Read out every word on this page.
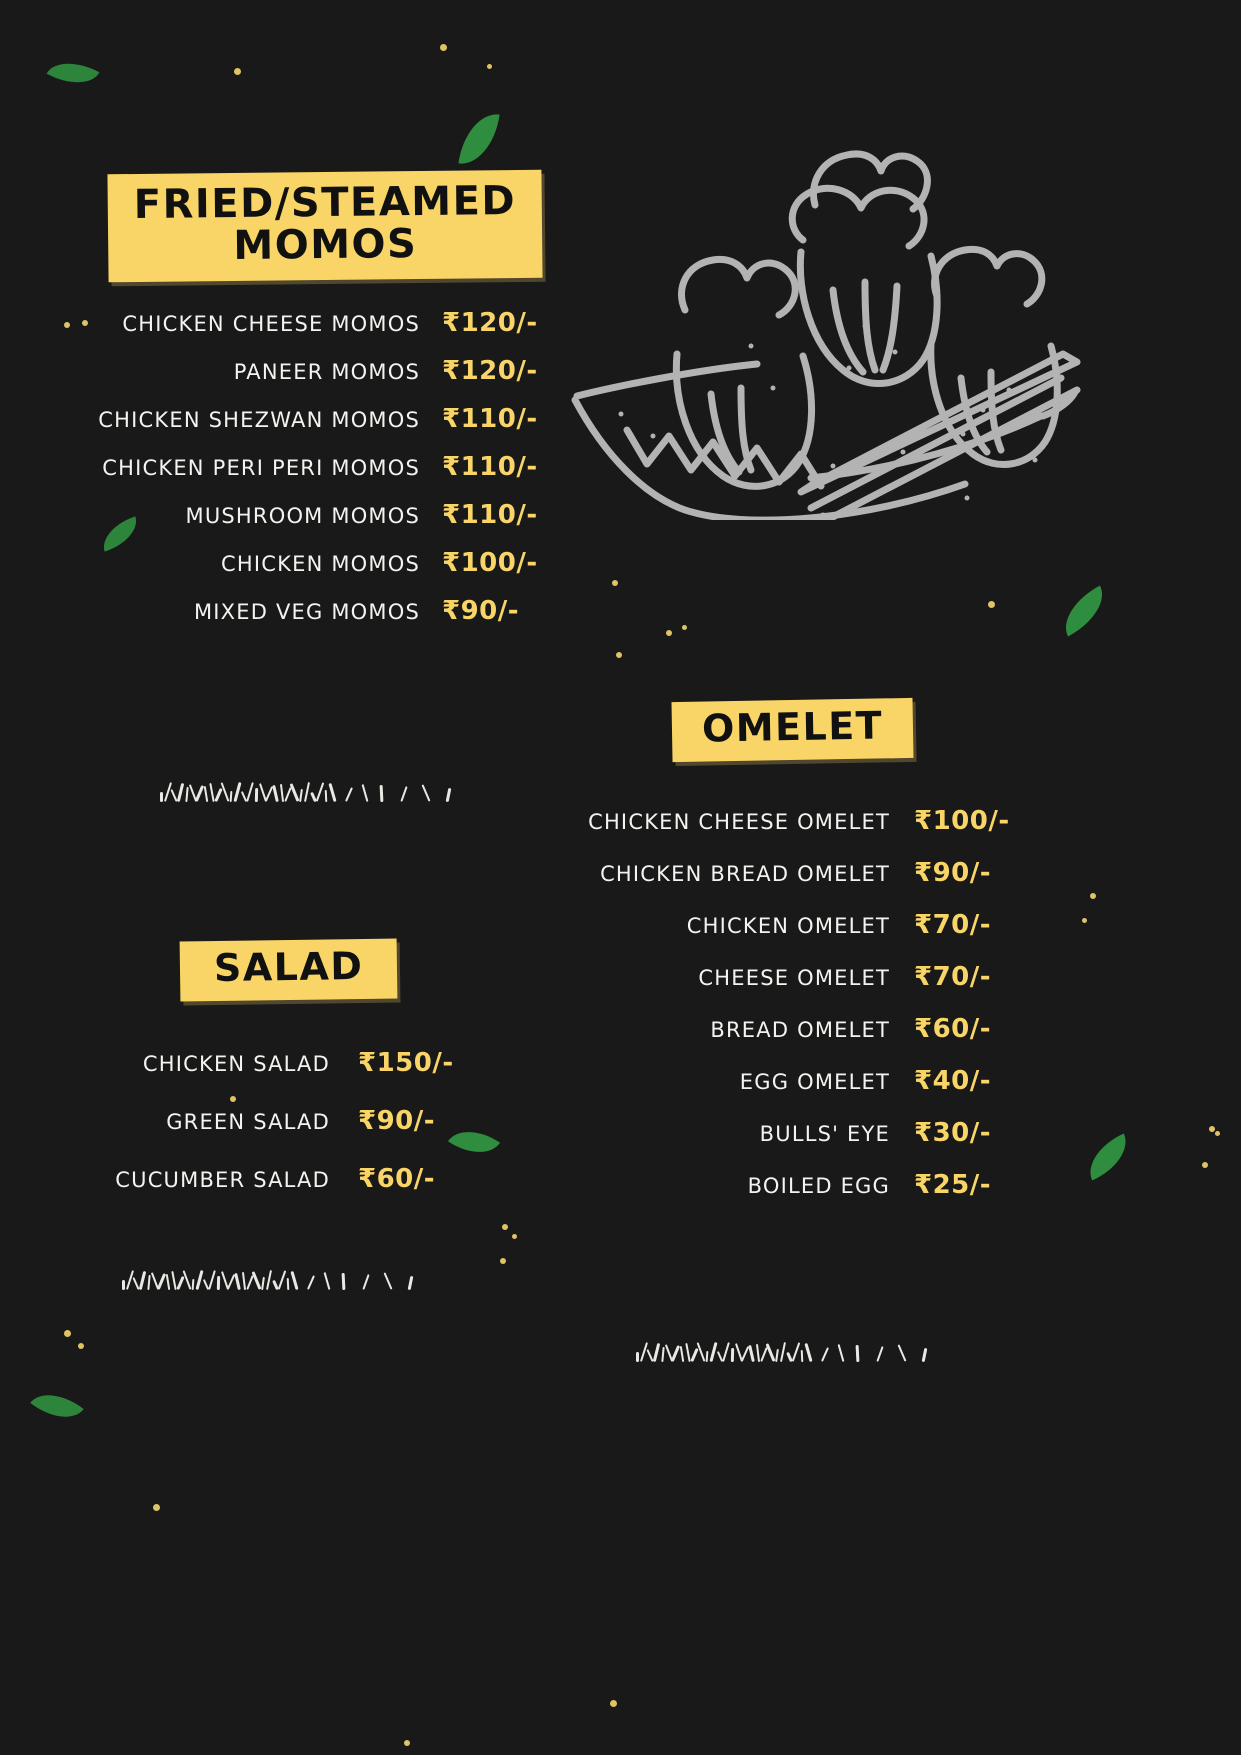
FRIED/STEAMED
MOMOS
CHICKEN CHEESE MOMOS ₹120/-
PANEER MOMOS ₹120/-
CHICKEN SHEZWAN MOMOS ₹110/-
CHICKEN PERI PERI MOMOS ₹110/-
MUSHROOM MOMOS ₹110/-
CHICKEN MOMOS ₹100/-
MIXED VEG MOMOS ₹90/-
SALAD
CHICKEN SALAD ₹150/-
GREEN SALAD ₹90/-
CUCUMBER SALAD ₹60/-
OMELET
CHICKEN CHEESE OMELET ₹100/-
CHICKEN BREAD OMELET ₹90/-
CHICKEN OMELET ₹70/-
CHEESE OMELET ₹70/-
BREAD OMELET ₹60/-
EGG OMELET ₹40/-
BULLS' EYE ₹30/-
BOILED EGG ₹25/-
